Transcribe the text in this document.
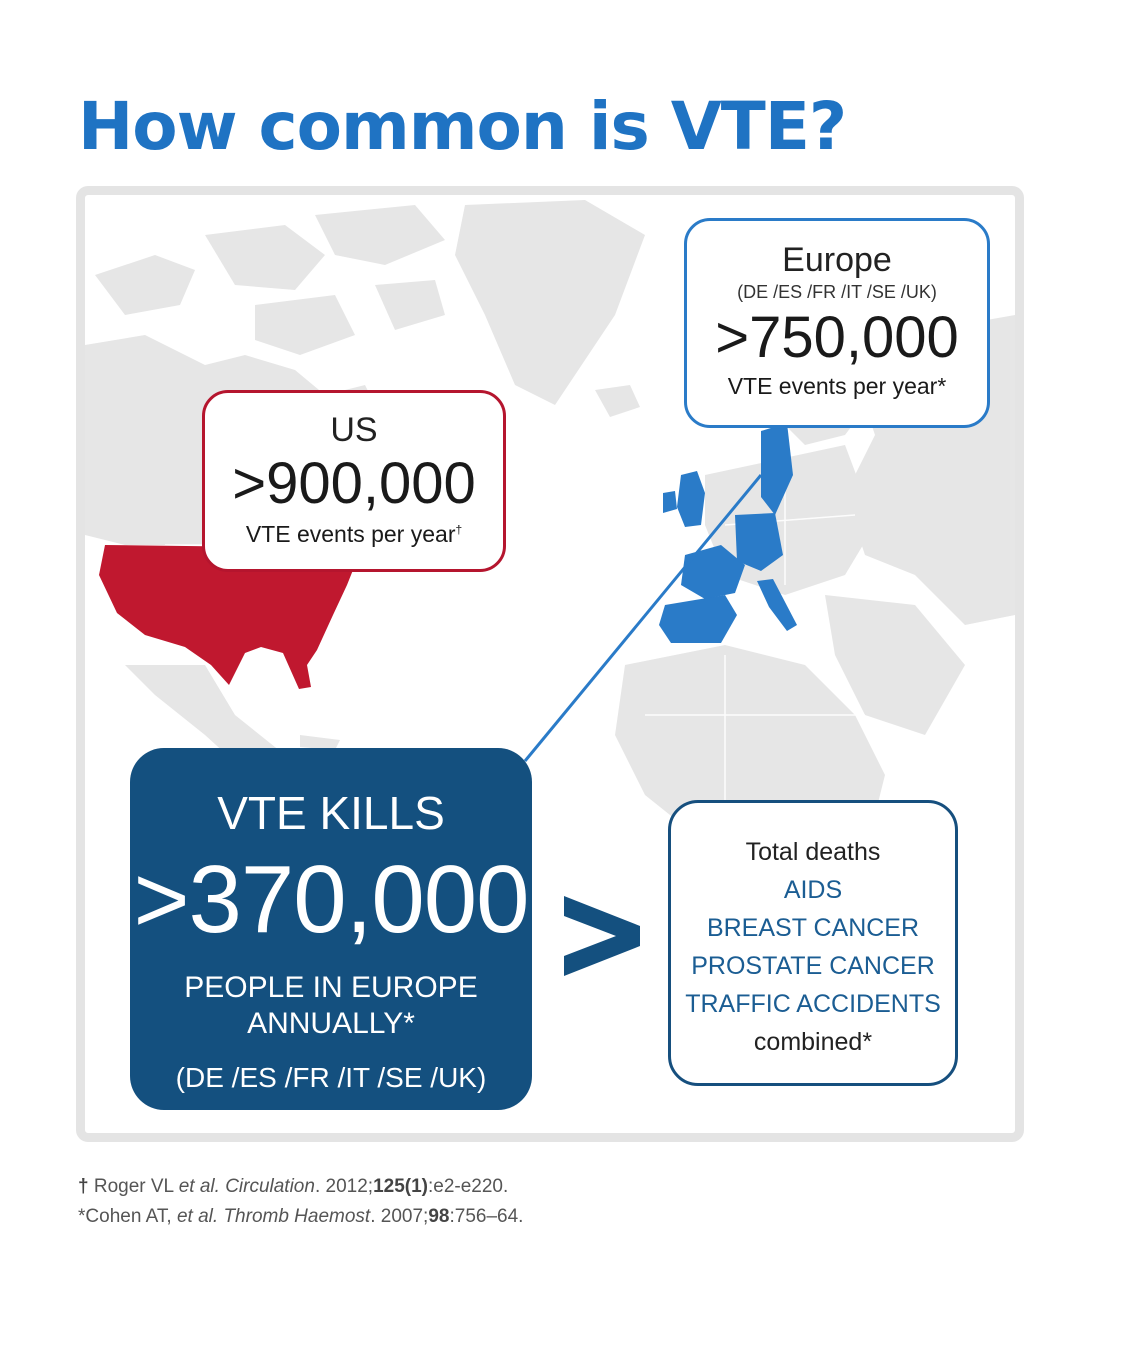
How common is VTE?
US
>900,000
VTE events per year†
Europe
(DE /ES /FR /IT /SE /UK)
>750,000
VTE events per year*
VTE KILLS
>370,000
PEOPLE IN EUROPE
ANNUALLY*
(DE /ES /FR /IT /SE /UK)
Total deaths
AIDS
BREAST CANCER
PROSTATE CANCER
TRAFFIC ACCIDENTS
combined*
† Roger VL et al. Circulation. 2012;125(1):e2-e220.
*Cohen AT, et al. Thromb Haemost. 2007;98:756–64.
